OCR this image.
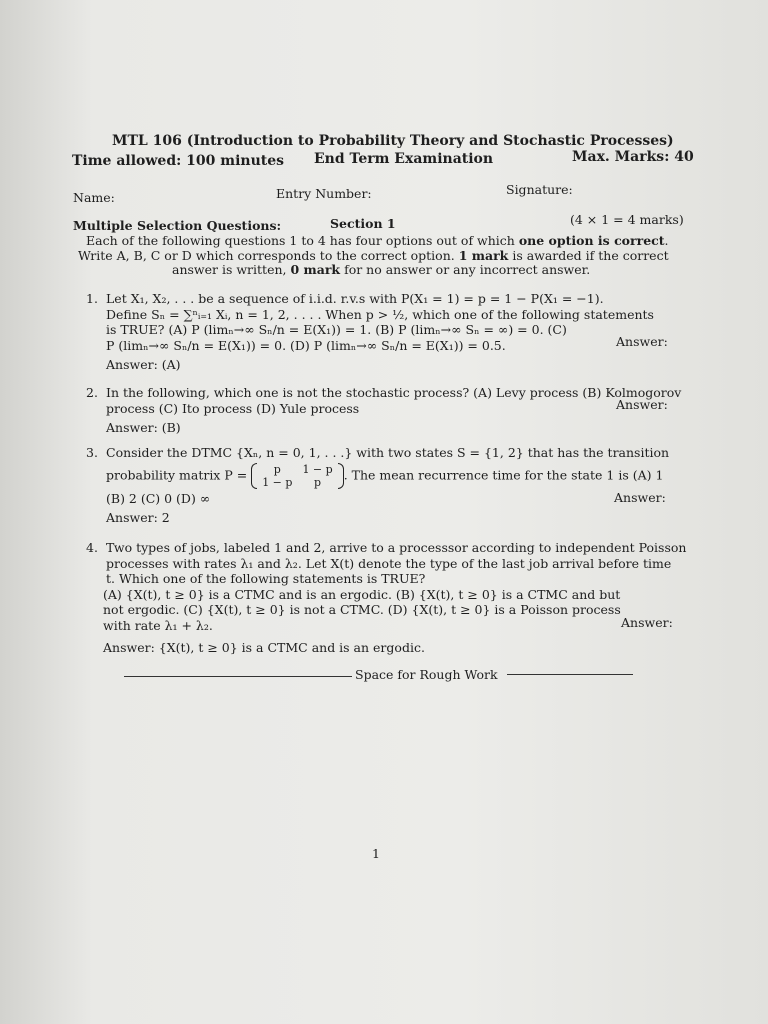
MTL 106 (Introduction to Probability Theory and Stochastic Processes)
Time allowed: 100 minutes End Term Examination	Max. Marks: 40
Name:	Entry Number:	Signature:
Multiple Selection Questions:	Section 1	(4 × 1 = 4 marks)
Each of the following questions 1 to 4 has four options out of which one option is correct.
Write A, B, C or D which corresponds to the correct option. 1 mark is awarded if the correct
answer is written, 0 mark for no answer or any incorrect answer.
1. Let X₁, X₂, . . . be a sequence of i.i.d. r.v.s with P(X₁ = 1) = p = 1 − P(X₁ = −1).
Define Sₙ = ∑ⁿᵢ₌₁ Xᵢ, n = 1, 2, . . . . When p > ½, which one of the following statements
is TRUE? (A) P (limₙ→∞ Sₙ/n = E(X₁)) = 1. (B) P (limₙ→∞ Sₙ = ∞) = 0. (C)
P (limₙ→∞ Sₙ/n = E(X₁)) = 0. (D) P (limₙ→∞ Sₙ/n = E(X₁)) = 0.5.
Answer: (A)
Answer:
2. In the following, which one is not the stochastic process? (A) Levy process (B) Kolmogorov
process (C) Ito process (D) Yule process
Answer: (B)
Answer:
3. Consider the DTMC {Xₙ, n = 0, 1, . . .} with two states S = {1, 2} that has the transition
probability matrix P = p	1 − p
1 − p	p . The mean recurrence time for the state 1 is (A) 1
(B) 2 (C) 0 (D) ∞
Answer: 2
Answer:
4. Two types of jobs, labeled 1 and 2, arrive to a processsor according to independent Poisson
processes with rates λ₁ and λ₂. Let X(t) denote the type of the last job arrival before time
t. Which one of the following statements is TRUE?
(A) {X(t), t ≥ 0} is a CTMC and is an ergodic. (B) {X(t), t ≥ 0} is a CTMC and but
not ergodic. (C) {X(t), t ≥ 0} is not a CTMC. (D) {X(t), t ≥ 0} is a Poisson process
with rate λ₁ + λ₂.	Answer:
Answer: {X(t), t ≥ 0} is a CTMC and is an ergodic.
Space for Rough Work
1
